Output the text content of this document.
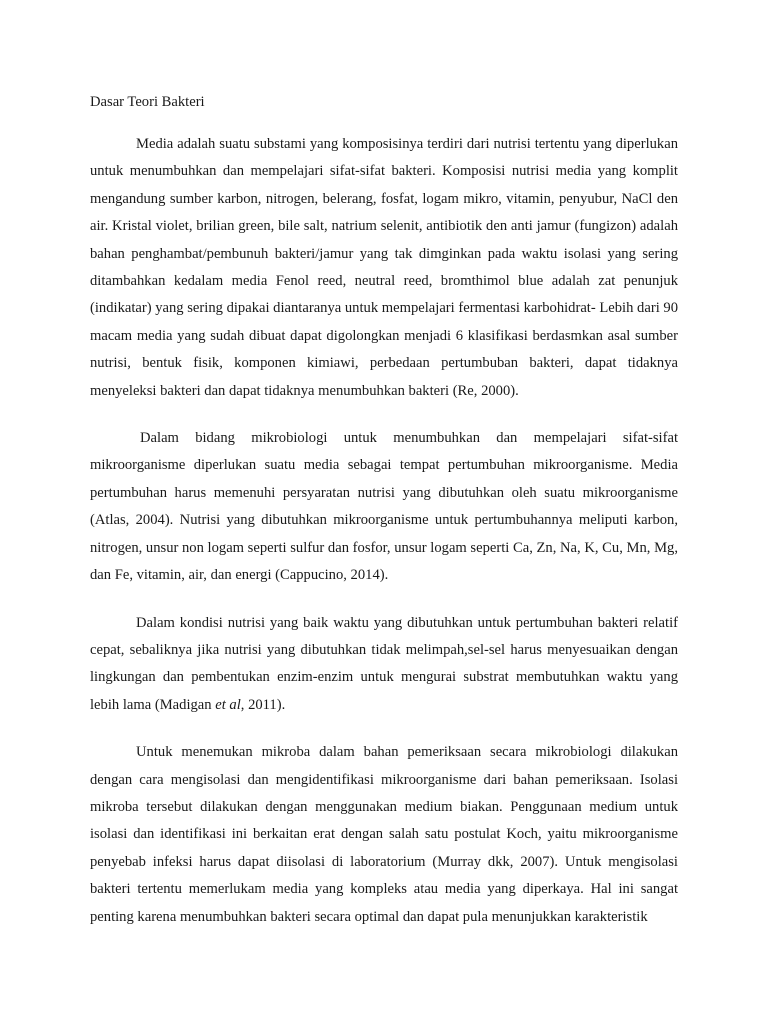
Dasar Teori Bakteri

Media adalah suatu substami yang komposisinya terdiri dari nutrisi tertentu yang diperlukan untuk menumbuhkan dan mempelajari sifat-sifat bakteri. Komposisi nutrisi media yang komplit mengandung sumber karbon, nitrogen, belerang, fosfat, logam mikro, vitamin, penyubur, NaCl den air. Kristal violet, brilian green, bile salt, natrium selenit, antibiotik den anti jamur (fungizon) adalah bahan penghambat/pembunuh bakteri/jamur yang tak dimginkan pada waktu isolasi yang sering ditambahkan kedalam media Fenol reed, neutral reed, bromthimol blue adalah zat penunjuk (indikatar) yang sering dipakai diantaranya untuk mempelajari fermentasi karbohidrat- Lebih dari 90 macam media yang sudah dibuat dapat digolongkan menjadi 6 klasifikasi berdasmkan asal sumber nutrisi, bentuk fisik, komponen kimiawi, perbedaan pertumbuban bakteri, dapat tidaknya menyeleksi bakteri dan dapat tidaknya menumbuhkan bakteri (Re, 2000).

Dalam bidang mikrobiologi untuk menumbuhkan dan mempelajari sifat-sifat mikroorganisme diperlukan suatu media sebagai tempat pertumbuhan mikroorganisme. Media pertumbuhan harus memenuhi persyaratan nutrisi yang dibutuhkan oleh suatu mikroorganisme (Atlas, 2004). Nutrisi yang dibutuhkan mikroorganisme untuk pertumbuhannya meliputi karbon, nitrogen, unsur non logam seperti sulfur dan fosfor, unsur logam seperti Ca, Zn, Na, K, Cu, Mn, Mg, dan Fe, vitamin, air, dan energi (Cappucino, 2014).

Dalam kondisi nutrisi yang baik waktu yang dibutuhkan untuk pertumbuhan bakteri relatif cepat, sebaliknya jika nutrisi yang dibutuhkan tidak melimpah,sel-sel harus menyesuaikan dengan lingkungan dan pembentukan enzim-enzim untuk mengurai substrat membutuhkan waktu yang lebih lama (Madigan et al, 2011).

Untuk menemukan mikroba dalam bahan pemeriksaan secara mikrobiologi dilakukan dengan cara mengisolasi dan mengidentifikasi mikroorganisme dari bahan pemeriksaan. Isolasi mikroba tersebut dilakukan dengan menggunakan medium biakan. Penggunaan medium untuk isolasi dan identifikasi ini berkaitan erat dengan salah satu postulat Koch, yaitu mikroorganisme penyebab infeksi harus dapat diisolasi di laboratorium (Murray dkk, 2007). Untuk mengisolasi bakteri tertentu memerlukam media yang kompleks atau media yang diperkaya. Hal ini sangat penting karena menumbuhkan bakteri secara optimal dan dapat pula menunjukkan karakteristik
